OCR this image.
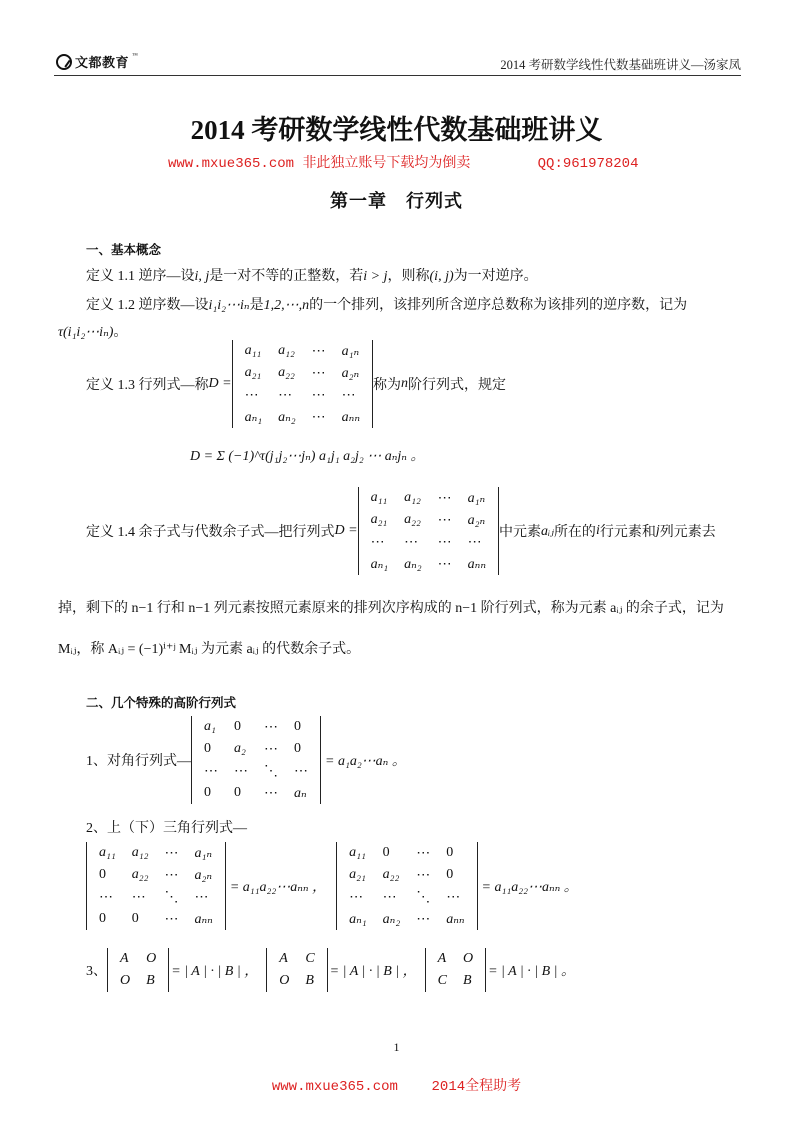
文都教育
™
2014 考研数学线性代数基础班讲义—汤家凤
2014 考研数学线性代数基础班讲义
www.mxue365.com 非此独立账号下载均为倒卖	QQ:961978204
第一章　行列式
一、基本概念
定义 1.1 逆序—设i, j是一对不等的正整数，若i > j，则称(i, j)为一对逆序。
定义 1.2 逆序数—设i₁i₂⋯iₙ是1,2,⋯,n的一个排列，该排列所含逆序总数称为该排列的逆序数，记为
τ(i₁i₂⋯iₙ)。
定义 1.3
行列式—称 D =
a₁₁	a₁₂	⋯	a₁ₙ
a₂₁	a₂₂	⋯	a₂ₙ
⋯	⋯	⋯	⋯
aₙ₁	aₙ₂	⋯	aₙₙ
称为 n 阶行列式，规定
D = Σ (−1)^τ(j₁j₂⋯jₙ) a₁j₁ a₂j₂ ⋯ aₙjₙ 。
定义 1.4
余子式与代数余子式—把行列式 D =
a₁₁	a₁₂	⋯	a₁ₙ
a₂₁	a₂₂	⋯	a₂ₙ
⋯	⋯	⋯	⋯
aₙ₁	aₙ₂	⋯	aₙₙ
中元素 aᵢⱼ 所在的 i 行元素和 j 列元素去
掉，剩下的 n−1 行和 n−1 列元素按照元素原来的排列次序构成的 n−1 阶行列式，称为元素 aᵢⱼ 的余子式，记为
Mᵢⱼ，称 Aᵢⱼ = (−1)ⁱ⁺ʲ Mᵢⱼ 为元素 aᵢⱼ 的代数余子式。
二、几个特殊的高阶行列式
1、对角行列式—
a₁	0	⋯	0
0	a₂	⋯	0
⋯	⋯	⋱	⋯
0	0	⋯	aₙ
= a₁a₂⋯aₙ 。
2、上（下）三角行列式—
a₁₁	a₁₂	⋯	a₁ₙ
0	a₂₂	⋯	a₂ₙ
⋯	⋯	⋱	⋯
0	0	⋯	aₙₙ
= a₁₁a₂₂⋯aₙₙ ，
a₁₁	0	⋯	0
a₂₁	a₂₂	⋯	0
⋯	⋯	⋱	⋯
aₙ₁	aₙ₂	⋯	aₙₙ
= a₁₁a₂₂⋯aₙₙ 。
3、
A	O
O	B
= | A | · | B | ，
A	C
O	B
= | A | · | B | ，
A	O
C	B
= | A | · | B | 。
1
www.mxue365.com 2014全程助考
